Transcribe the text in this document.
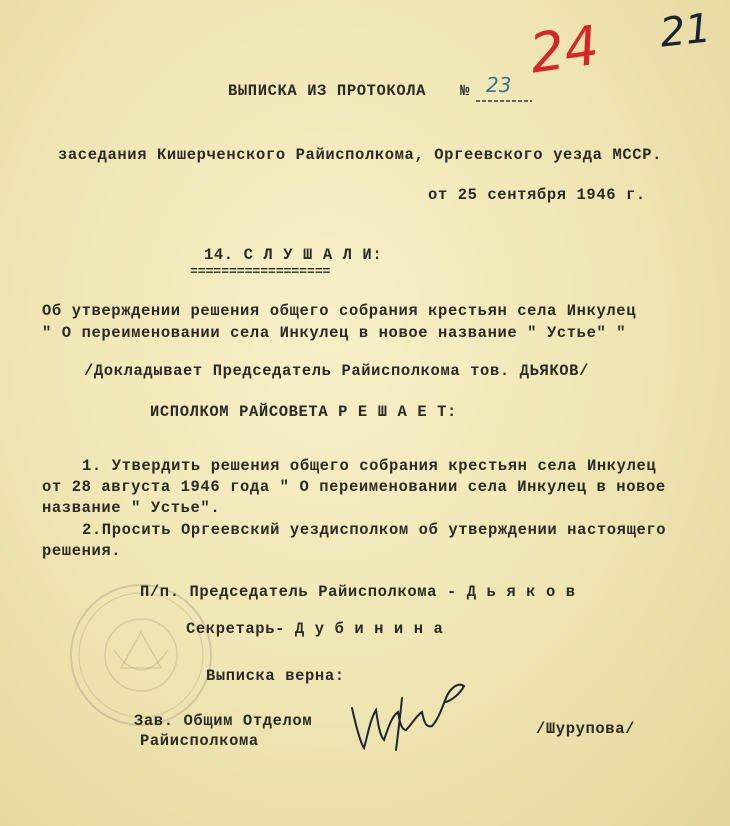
24 21
ВЫПИСКА ИЗ ПРОТОКОЛА № 23
заседания Кишерченского Райисполкома, Оргеевского уезда МССР.
от 25 сентября 1946 г.
14. С Л У Ш А Л И:
==================
Об утверждении решения общего собрания крестьян села Инкулец
" О переименовании села Инкулец в новое название " Устье" "
/Докладывает Председатель Райисполкома тов. ДЬЯКОВ/
ИСПОЛКОМ РАЙСОВЕТА Р Е Ш А Е Т:
1. Утвердить решения общего собрания крестьян села Инкулец
от 28 августа 1946 года " О переименовании села Инкулец в новое
название " Устье".
2.Просить Оргеевский уездисполком об утверждении настоящего
решения.
П/п. Председатель Райисполкома - Д ь я к о в
Секретарь- Д у б и н и н а
Выписка верна:
Зав. Общим Отделом
Райисполкома
/Шурупова/
